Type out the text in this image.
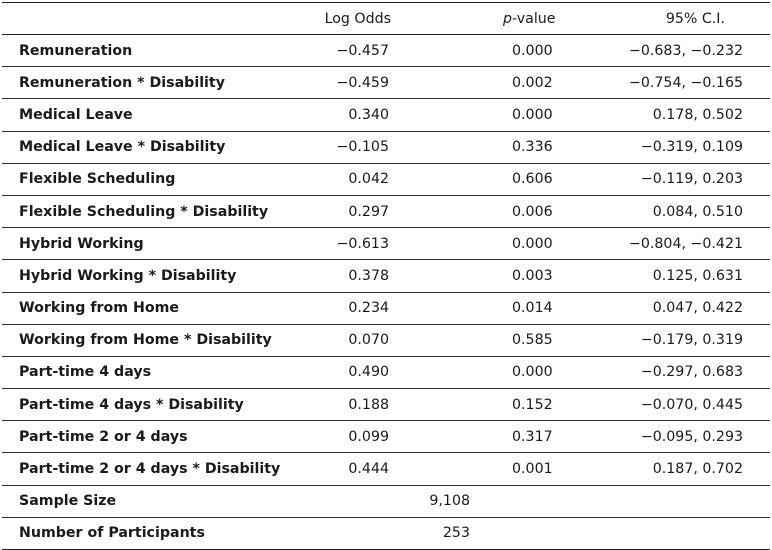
	Log Odds	p-value	95% C.I.
Remuneration	−0.457	0.000	−0.683, −0.232
Remuneration * Disability	−0.459	0.002	−0.754, −0.165
Medical Leave	0.340	0.000	0.178, 0.502
Medical Leave * Disability	−0.105	0.336	−0.319, 0.109
Flexible Scheduling	0.042	0.606	−0.119, 0.203
Flexible Scheduling * Disability	0.297	0.006	0.084, 0.510
Hybrid Working	−0.613	0.000	−0.804, −0.421
Hybrid Working * Disability	0.378	0.003	0.125, 0.631
Working from Home	0.234	0.014	0.047, 0.422
Working from Home * Disability	0.070	0.585	−0.179, 0.319
Part-time 4 days	0.490	0.000	−0.297, 0.683
Part-time 4 days * Disability	0.188	0.152	−0.070, 0.445
Part-time 2 or 4 days	0.099	0.317	−0.095, 0.293
Part-time 2 or 4 days * Disability	0.444	0.001	0.187, 0.702
Sample Size	9,108		
Number of Participants	253		
